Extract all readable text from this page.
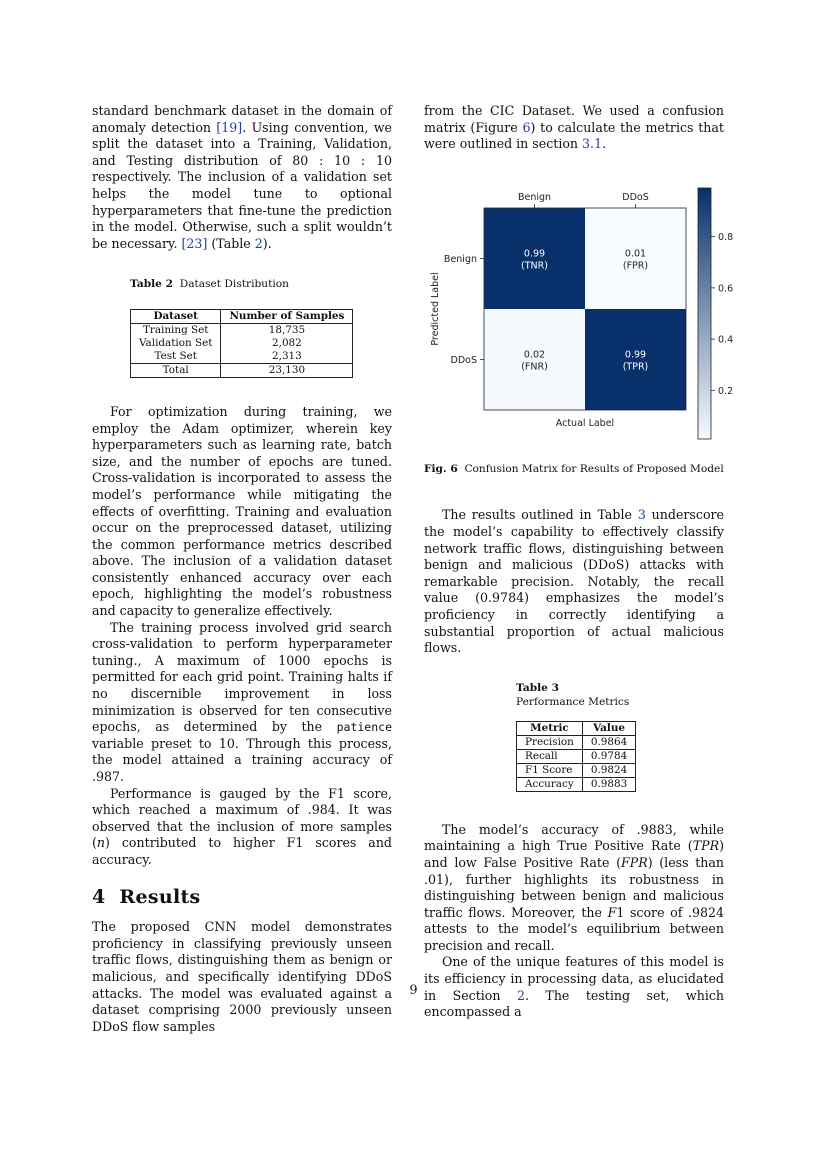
standard benchmark dataset in the domain of anomaly detection [19]. Using convention, we split the dataset into a Training, Validation, and Testing distribution of 80 : 10 : 10 respectively. The inclusion of a validation set helps the model tune to optional hyperparameters that fine-tune the prediction in the model. Otherwise, such a split wouldn’t be necessary. [23] (Table 2).

Table 2 Dataset Distribution
Dataset	Number of Samples
Training Set	18,735
Validation Set	2,082
Test Set	2,313
Total	23,130

For optimization during training, we employ the Adam optimizer, wherein key hyperparameters such as learning rate, batch size, and the number of epochs are tuned. Cross-validation is incorporated to assess the model’s performance while mitigating the effects of overfitting. Training and evaluation occur on the preprocessed dataset, utilizing the common performance metrics described above. The inclusion of a validation dataset consistently enhanced accuracy over each epoch, highlighting the model’s robustness and capacity to generalize effectively.

The training process involved grid search cross-validation to perform hyperparameter tuning., A maximum of 1000 epochs is permitted for each grid point. Training halts if no discernible improvement in loss minimization is observed for ten consecutive epochs, as determined by the patience variable preset to 10. Through this process, the model attained a training accuracy of .987.

Performance is gauged by the F1 score, which reached a maximum of .984. It was observed that the inclusion of more samples (n) contributed to higher F1 scores and accuracy.

4 Results

The proposed CNN model demonstrates proficiency in classifying previously unseen traffic flows, distinguishing them as benign or malicious, and specifically identifying DDoS attacks. The model was evaluated against a dataset comprising 2000 previously unseen DDoS flow samples

from the CIC Dataset. We used a confusion matrix (Figure 6) to calculate the metrics that were outlined in section 3.1.

0.99
(TNR)
0.01
(FPR)
0.02
(FNR)
0.99
(TPR)
Benign	DDoS
Benign
DDoS
Actual Label
Predicted Label
0.2
0.4
0.6
0.8
Fig. 6 Confusion Matrix for Results of Proposed Model

The results outlined in Table 3 underscore the model’s capability to effectively classify network traffic flows, distinguishing between benign and malicious (DDoS) attacks with remarkable precision. Notably, the recall value (0.9784) emphasizes the model’s proficiency in correctly identifying a substantial proportion of actual malicious flows.

Table 3
Performance Metrics
Metric	Value
Precision	0.9864
Recall	0.9784
F1 Score	0.9824
Accuracy	0.9883

The model’s accuracy of .9883, while maintaining a high True Positive Rate (TPR) and low False Positive Rate (FPR) (less than .01), further highlights its robustness in distinguishing between benign and malicious traffic flows. Moreover, the F1 score of .9824 attests to the model’s equilibrium between precision and recall.

One of the unique features of this model is its efficiency in processing data, as elucidated in Section 2. The testing set, which encompassed a

9
